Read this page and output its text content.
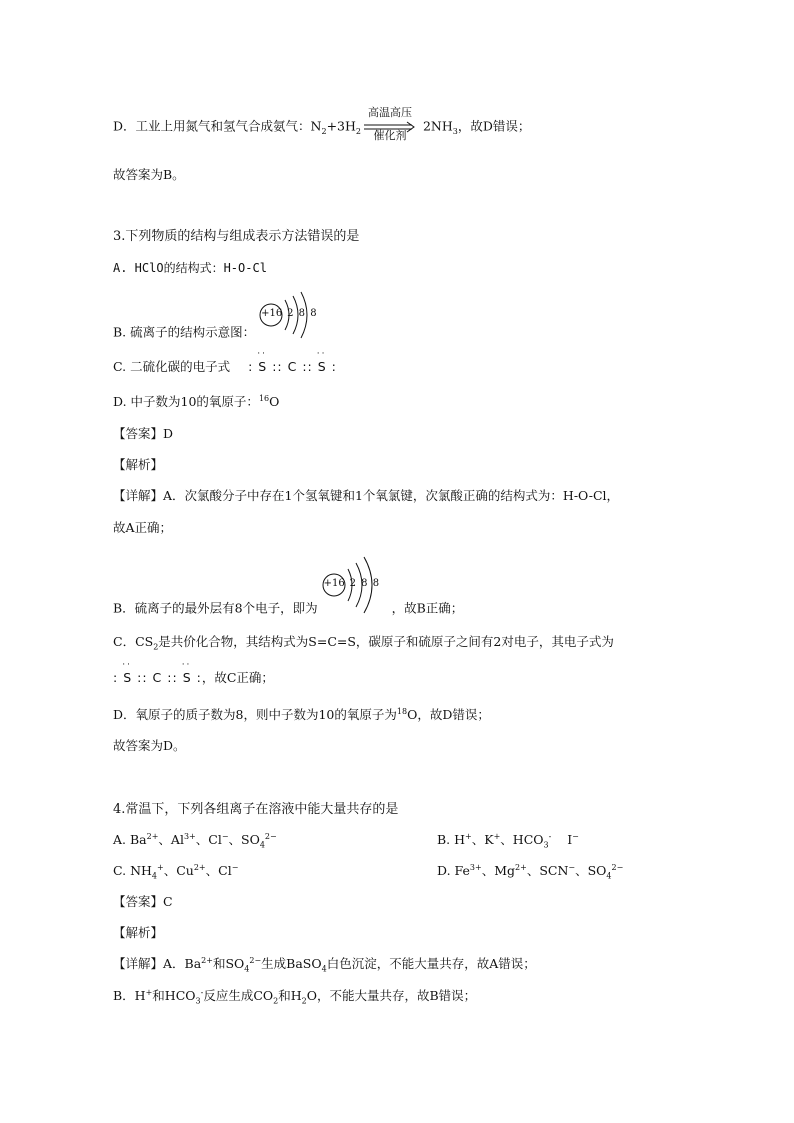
D．工业上用氮气和氢气合成氨气：$N_2+3H_2$
高温高压
催化剂
$2NH_3$，故D错误；
故答案为B。
3.下列物质的结构与组成表示方法错误的是
A. HClO的结构式：H-O-Cl
B. 硫离子的结构示意图：
+16 2 8 8
C. 二硫化碳的电子式 :
··
S :: C ::
··
S :
D. 中子数为10的氧原子：$^{16}$O
【答案】D
【解析】
【详解】A．次氯酸分子中存在1个氢氧键和1个氧氯键，次氯酸正确的结构式为：H-O-Cl，
故A正确；
B．硫离子的最外层有8个电子，即为
+16 2 8 8
，故B正确；
C．$CS_2$是共价化合物，其结构式为S=C=S，碳原子和硫原子之间有2对电子，其电子式为
:
··
S :: C ::
··
S :，故C正确；
D．氧原子的质子数为8，则中子数为10的氧原子为$^{18}$O，故D错误；
故答案为D。
4.常温下，下列各组离子在溶液中能大量共存的是
A. $Ba^{2+}$、$Al^{3+}$、Cl−、$SO_4^{2-}$	B. H+、K+、$HCO_3^-$    I−
C. $NH_4^+$、$Cu^{2+}$、Cl−	D. $Fe^{3+}$、$Mg^{2+}$、SCN−、$SO_4^{2-}$
【答案】C
【解析】
【详解】A．$Ba^{2+}$和$SO_4^{2-}$生成BaSO$_4$白色沉淀，不能大量共存，故A错误；
B．H+和$HCO_3^-$反应生成$CO_2$和$H_2O$，不能大量共存，故B错误；
